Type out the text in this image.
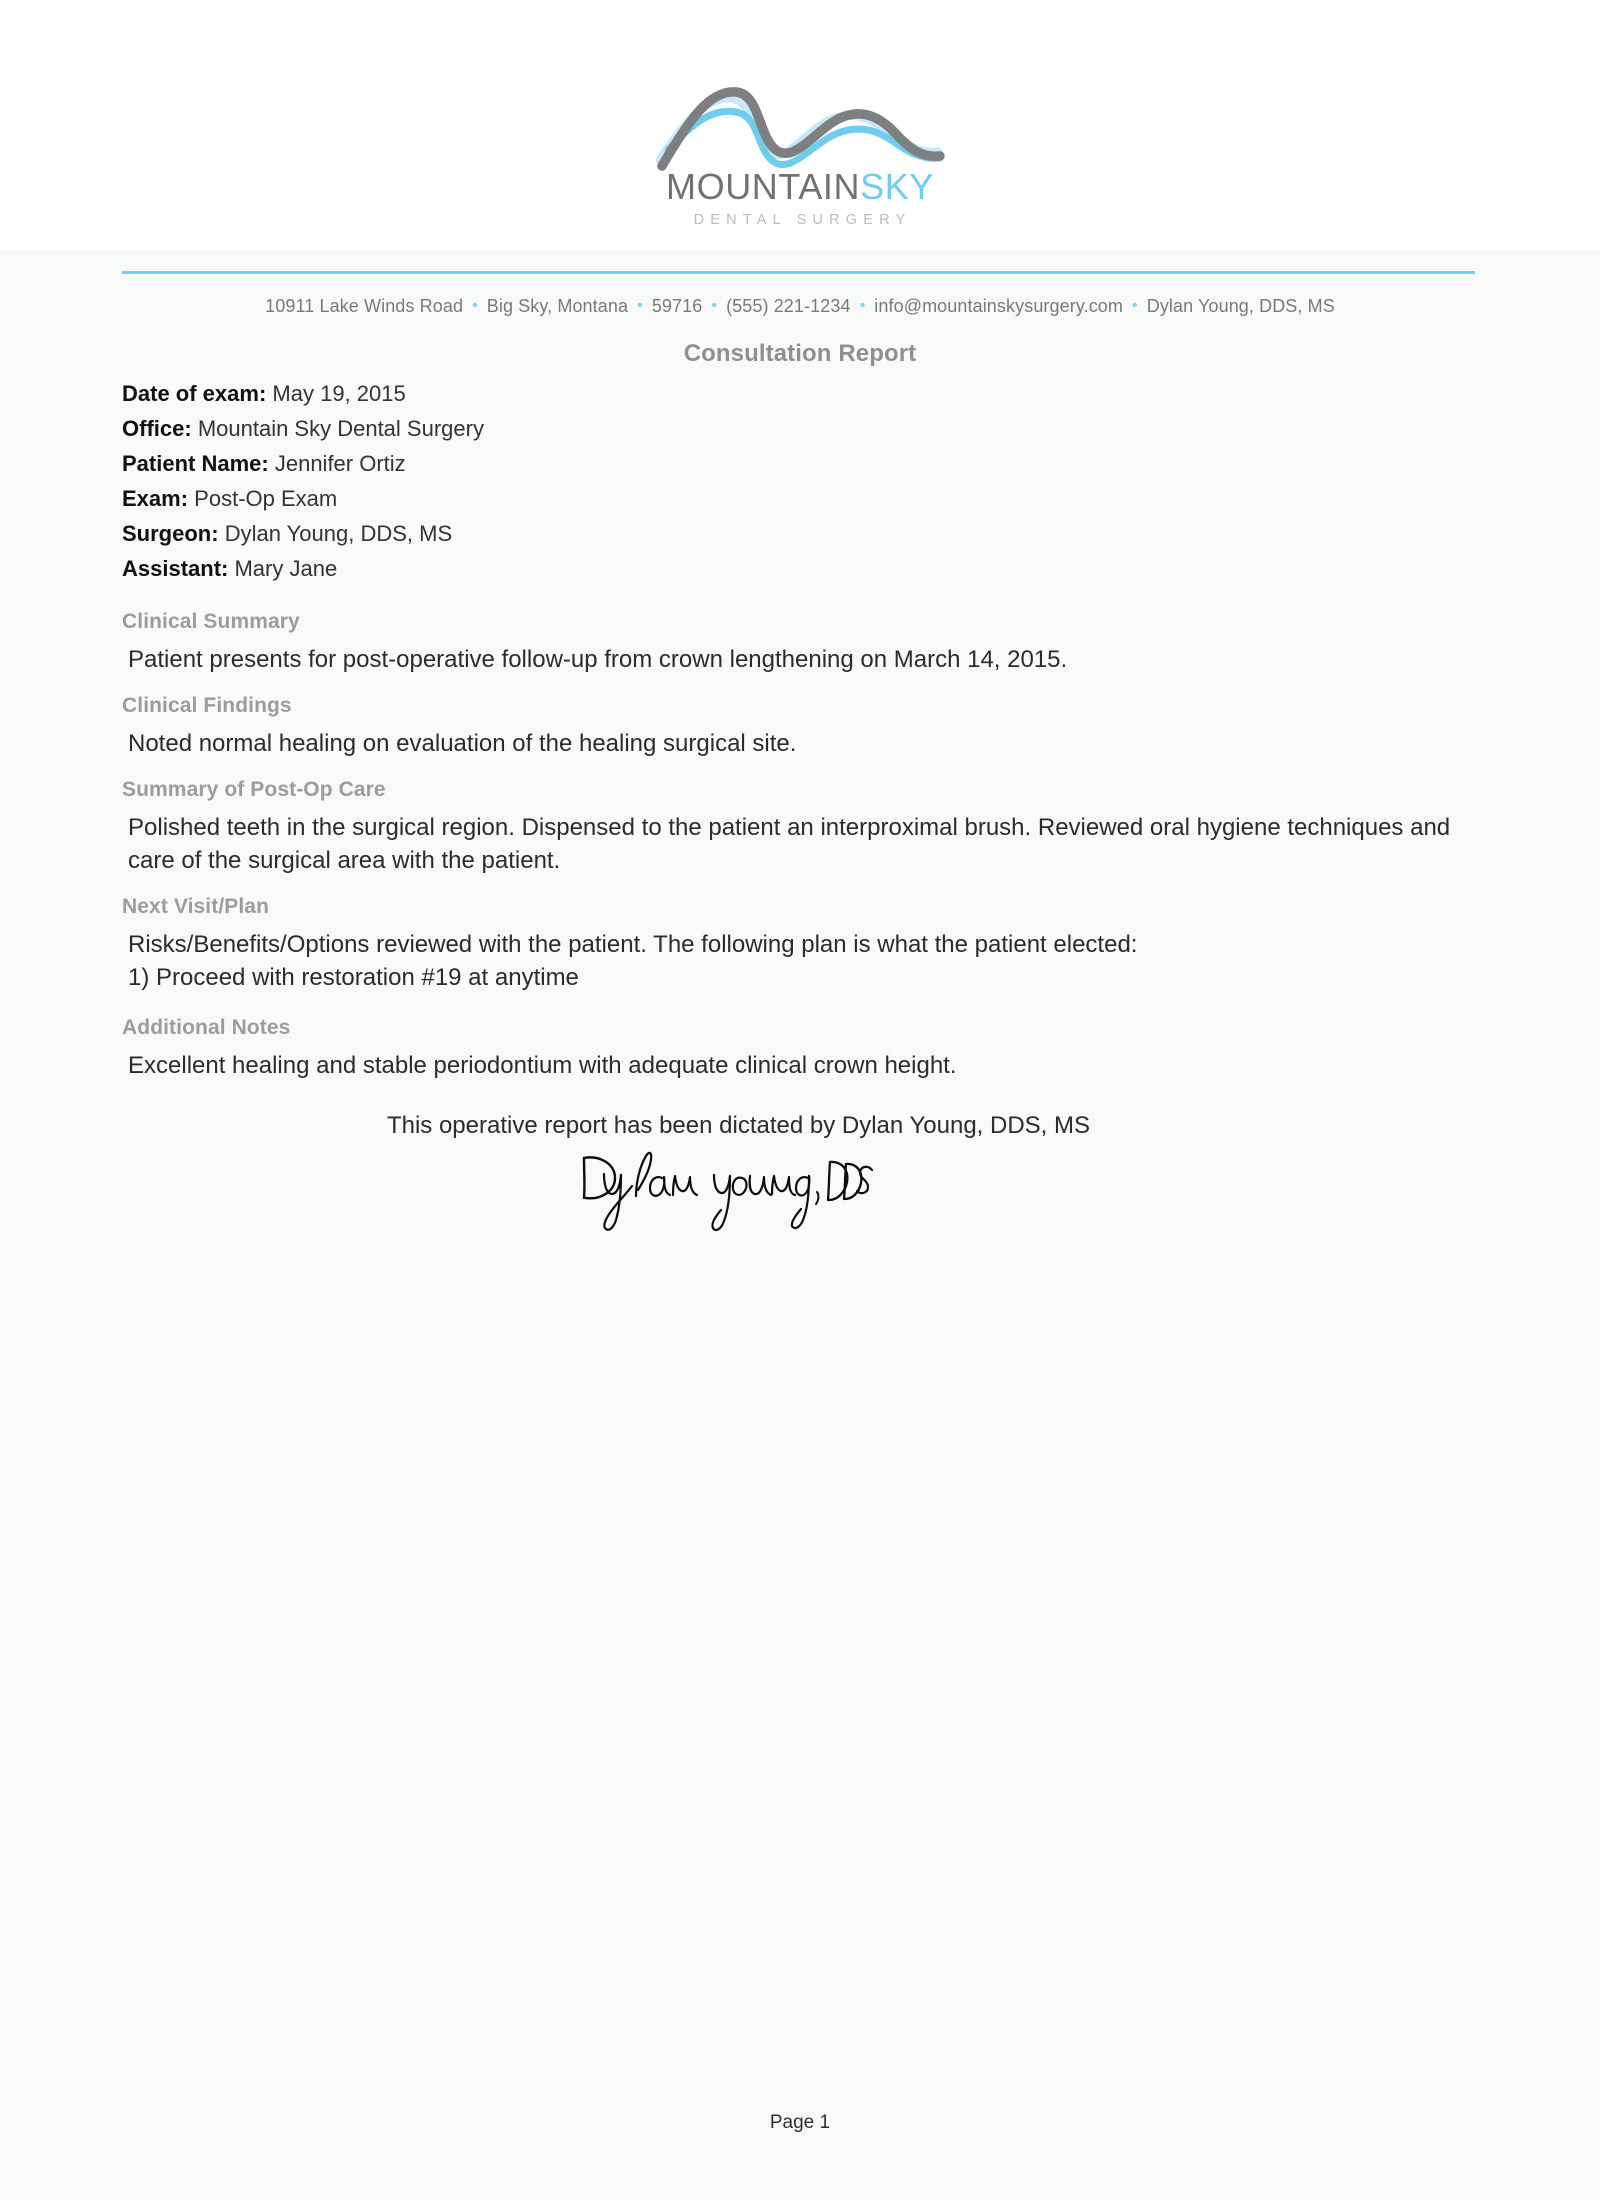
MOUNTAINSKY
DENTAL SURGERY
10911 Lake Winds Road • Big Sky, Montana • 59716 • (555) 221-1234 • info@mountainskysurgery.com • Dylan Young, DDS, MS
Consultation Report
Date of exam: May 19, 2015
Office: Mountain Sky Dental Surgery
Patient Name: Jennifer Ortiz
Exam: Post-Op Exam
Surgeon: Dylan Young, DDS, MS
Assistant: Mary Jane
Clinical Summary
Patient presents for post-operative follow-up from crown lengthening on March 14, 2015.
Clinical Findings
Noted normal healing on evaluation of the healing surgical site.
Summary of Post-Op Care
Polished teeth in the surgical region. Dispensed to the patient an interproximal brush. Reviewed oral hygiene techniques and care of the surgical area with the patient.
Next Visit/Plan
Risks/Benefits/Options reviewed with the patient. The following plan is what the patient elected:
1) Proceed with restoration #19 at anytime
Additional Notes
Excellent healing and stable periodontium with adequate clinical crown height.
This operative report has been dictated by Dylan Young, DDS, MS
Page 1
